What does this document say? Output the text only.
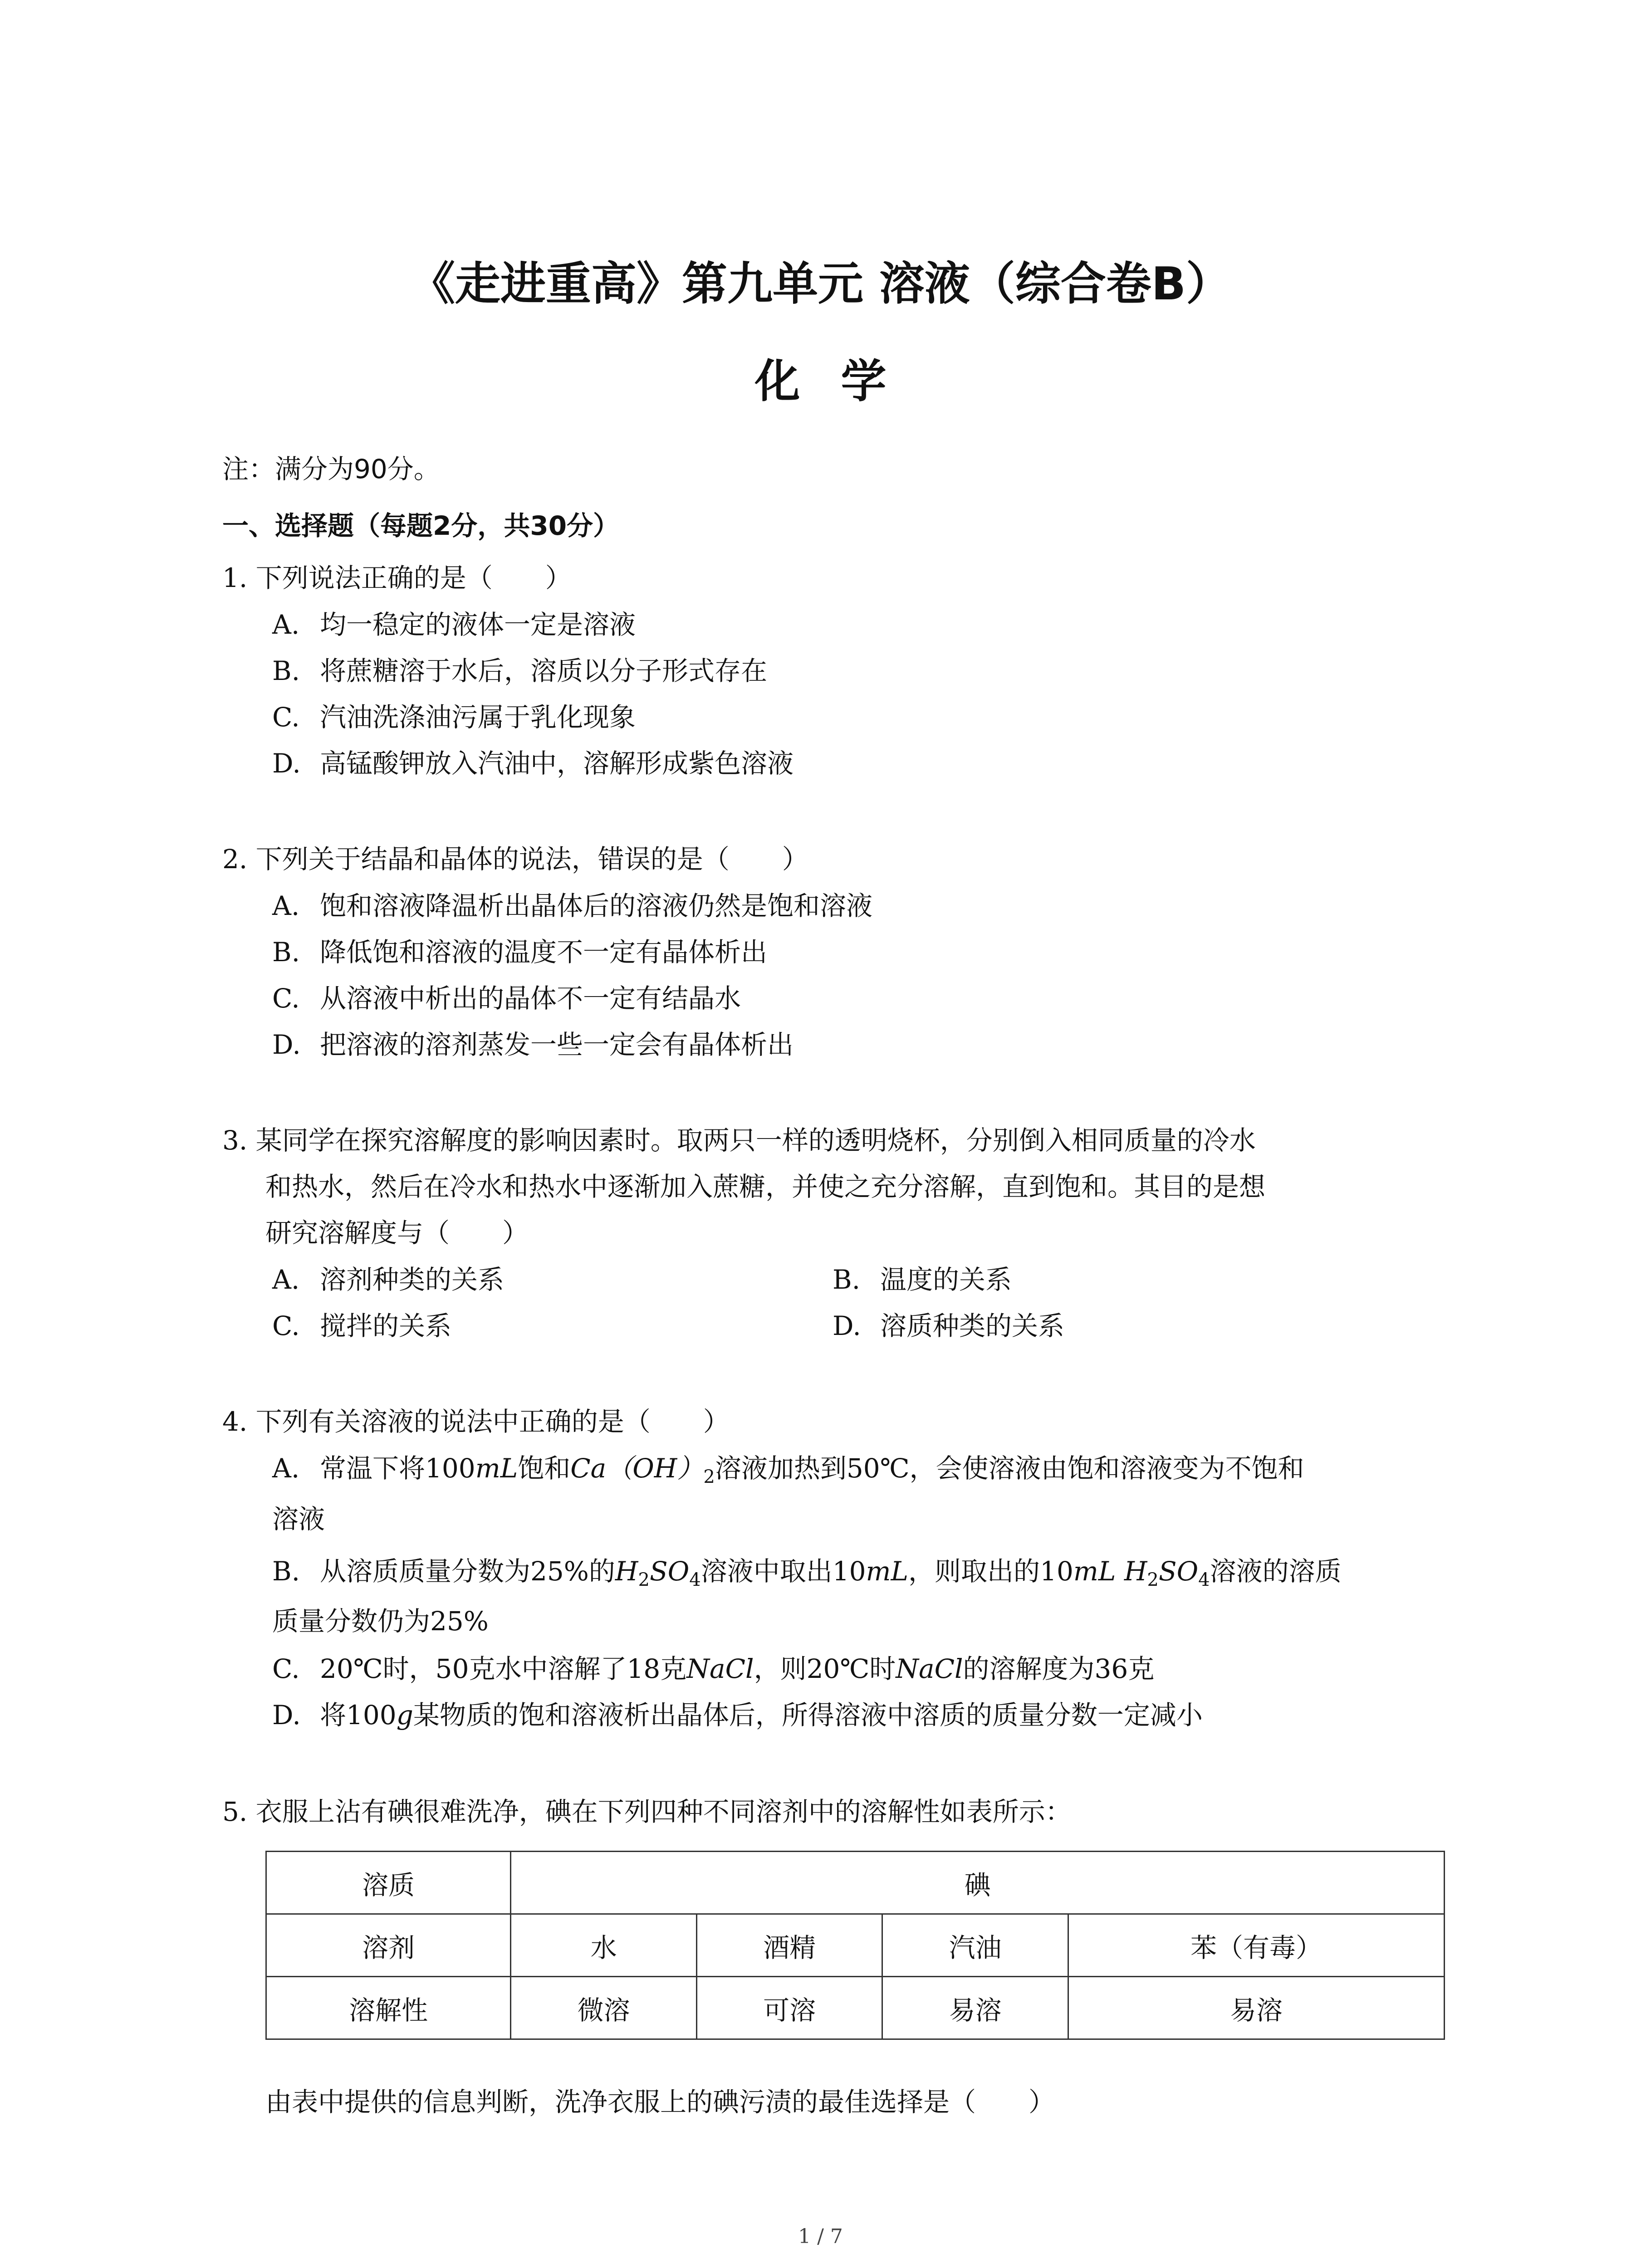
《走进重高》第九单元 溶液（综合卷B）
化学
注：满分为90分。
一、选择题（每题2分，共30分）
1. 下列说法正确的是（　　）
A. 均一稳定的液体一定是溶液
B. 将蔗糖溶于水后，溶质以分子形式存在
C. 汽油洗涤油污属于乳化现象
D. 高锰酸钾放入汽油中，溶解形成紫色溶液
2. 下列关于结晶和晶体的说法，错误的是（　　）
A. 饱和溶液降温析出晶体后的溶液仍然是饱和溶液
B. 降低饱和溶液的温度不一定有晶体析出
C. 从溶液中析出的晶体不一定有结晶水
D. 把溶液的溶剂蒸发一些一定会有晶体析出
3. 某同学在探究溶解度的影响因素时。取两只一样的透明烧杯，分别倒入相同质量的冷水
和热水，然后在冷水和热水中逐渐加入蔗糖，并使之充分溶解，直到饱和。其目的是想
研究溶解度与（　　）
A. 溶剂种类的关系	B. 温度的关系
C. 搅拌的关系	D. 溶质种类的关系
4. 下列有关溶液的说法中正确的是（　　）
A. 常温下将100mL饱和$Ca(OH)_2$溶液加热到50℃，会使溶液由饱和溶液变为不饱和
溶液
B. 从溶质质量分数为25%的$H_2SO_4$溶液中取出10mL，则取出的10mL $H_2SO_4$溶液的溶质
质量分数仍为25%
C. 20℃时，50克水中溶解了18克NaCl，则20℃时NaCl的溶解度为36克
D. 将100g某物质的饱和溶液析出晶体后，所得溶液中溶质的质量分数一定减小
5. 衣服上沾有碘很难洗净，碘在下列四种不同溶剂中的溶解性如表所示：
溶质	碘			
溶剂	水	酒精	汽油	苯（有毒）
溶解性	微溶	可溶	易溶	易溶
由表中提供的信息判断，洗净衣服上的碘污渍的最佳选择是（　　）
1 / 7
